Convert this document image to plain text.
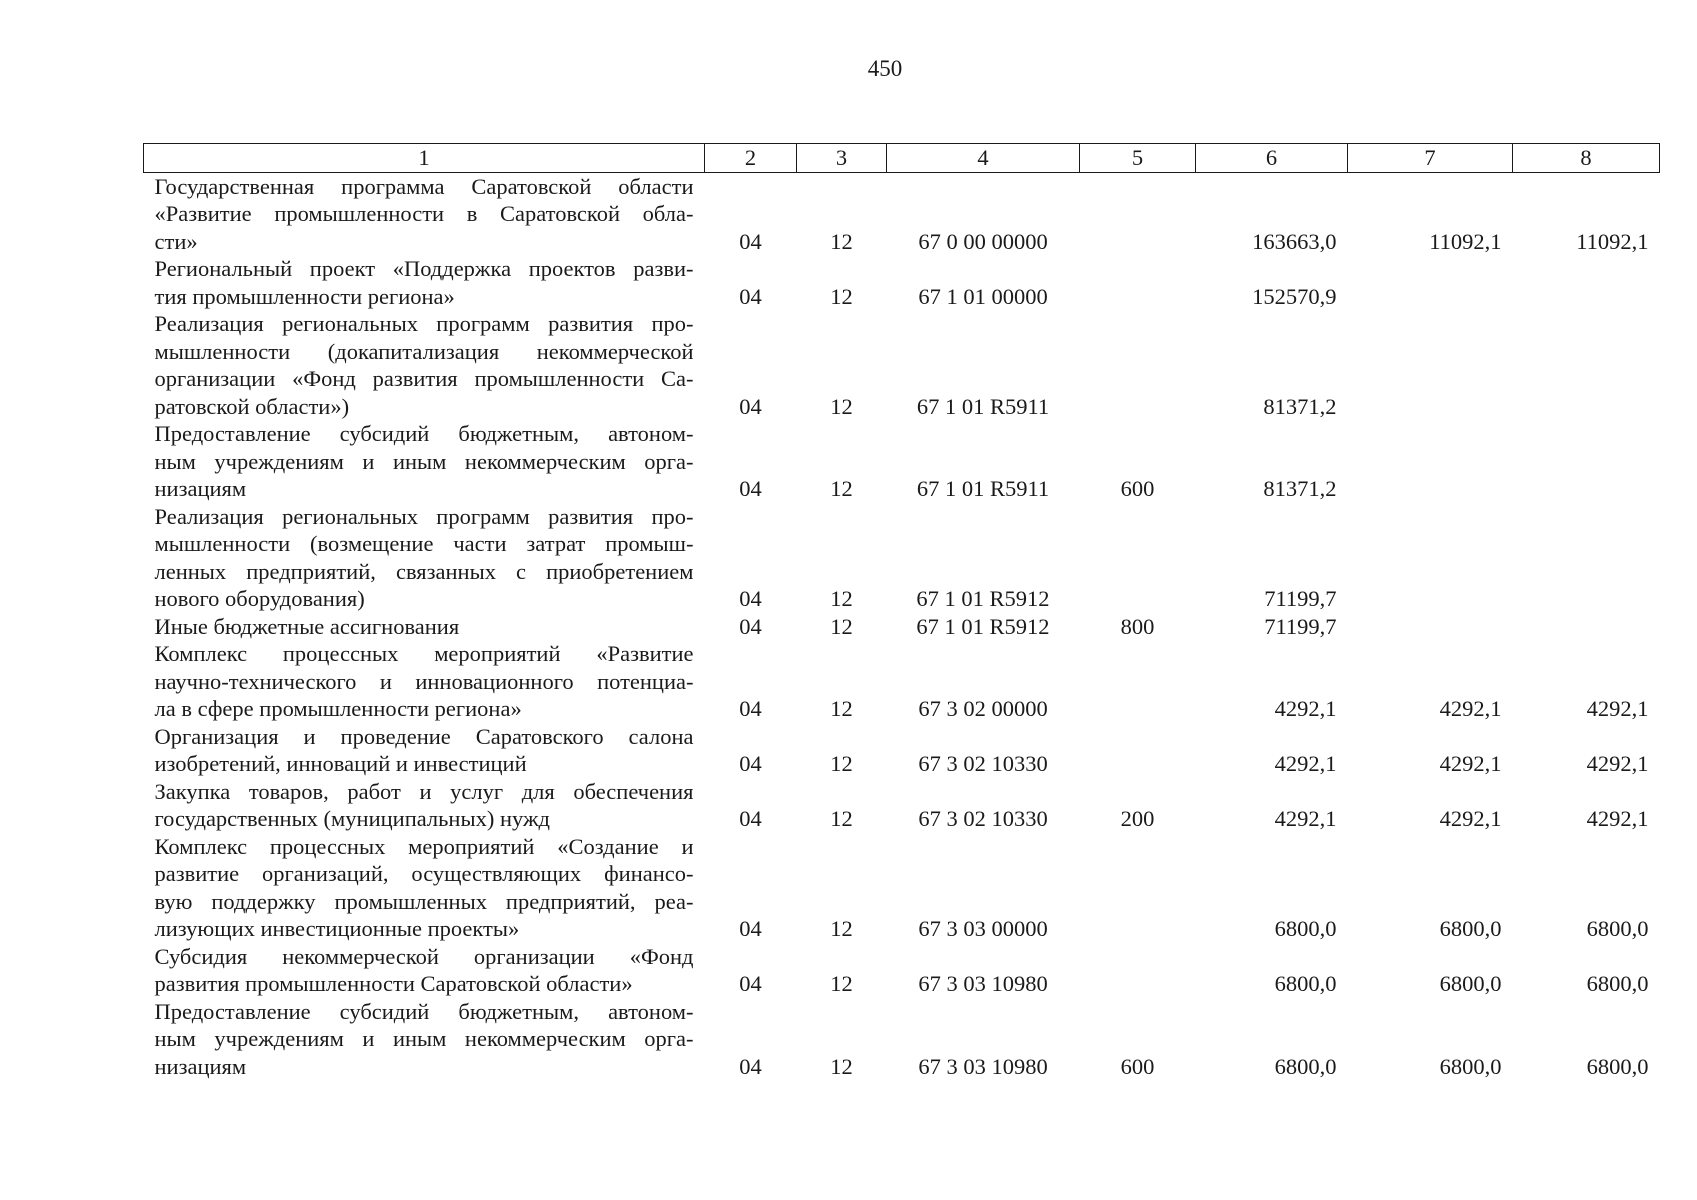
450
1	2	3	4	5	6	7	8

Государственная программа Саратовской области
«Развитие промышленности в Саратовской обла-
сти»	04	12	67 0 00 00000		163663,0	11092,1	11092,1

Региональный проект «Поддержка проектов разви-
тия промышленности региона»	04	12	67 1 01 00000		152570,9		

Реализация региональных программ развития про-
мышленности (докапитализация некоммерческой
организации «Фонд развития промышленности Са-
ратовской области»)	04	12	67 1 01 R5911		81371,2		

Предоставление субсидий бюджетным, автоном-
ным учреждениям и иным некоммерческим орга-
низациям	04	12	67 1 01 R5911	600	81371,2		

Реализация региональных программ развития про-
мышленности (возмещение части затрат промыш-
ленных предприятий, связанных с приобретением
нового оборудования)	04	12	67 1 01 R5912		71199,7		

Иные бюджетные ассигнования	04	12	67 1 01 R5912	800	71199,7		

Комплекс процессных мероприятий «Развитие
научно-технического и инновационного потенциа-
ла в сфере промышленности региона»	04	12	67 3 02 00000		4292,1	4292,1	4292,1

Организация и проведение Саратовского салона
изобретений, инноваций и инвестиций	04	12	67 3 02 10330		4292,1	4292,1	4292,1

Закупка товаров, работ и услуг для обеспечения
государственных (муниципальных) нужд	04	12	67 3 02 10330	200	4292,1	4292,1	4292,1

Комплекс процессных мероприятий «Создание и
развитие организаций, осуществляющих финансо-
вую поддержку промышленных предприятий, реа-
лизующих инвестиционные проекты»	04	12	67 3 03 00000		6800,0	6800,0	6800,0

Субсидия некоммерческой организации «Фонд
развития промышленности Саратовской области»	04	12	67 3 03 10980		6800,0	6800,0	6800,0

Предоставление субсидий бюджетным, автоном-
ным учреждениям и иным некоммерческим орга-
низациям	04	12	67 3 03 10980	600	6800,0	6800,0	6800,0
